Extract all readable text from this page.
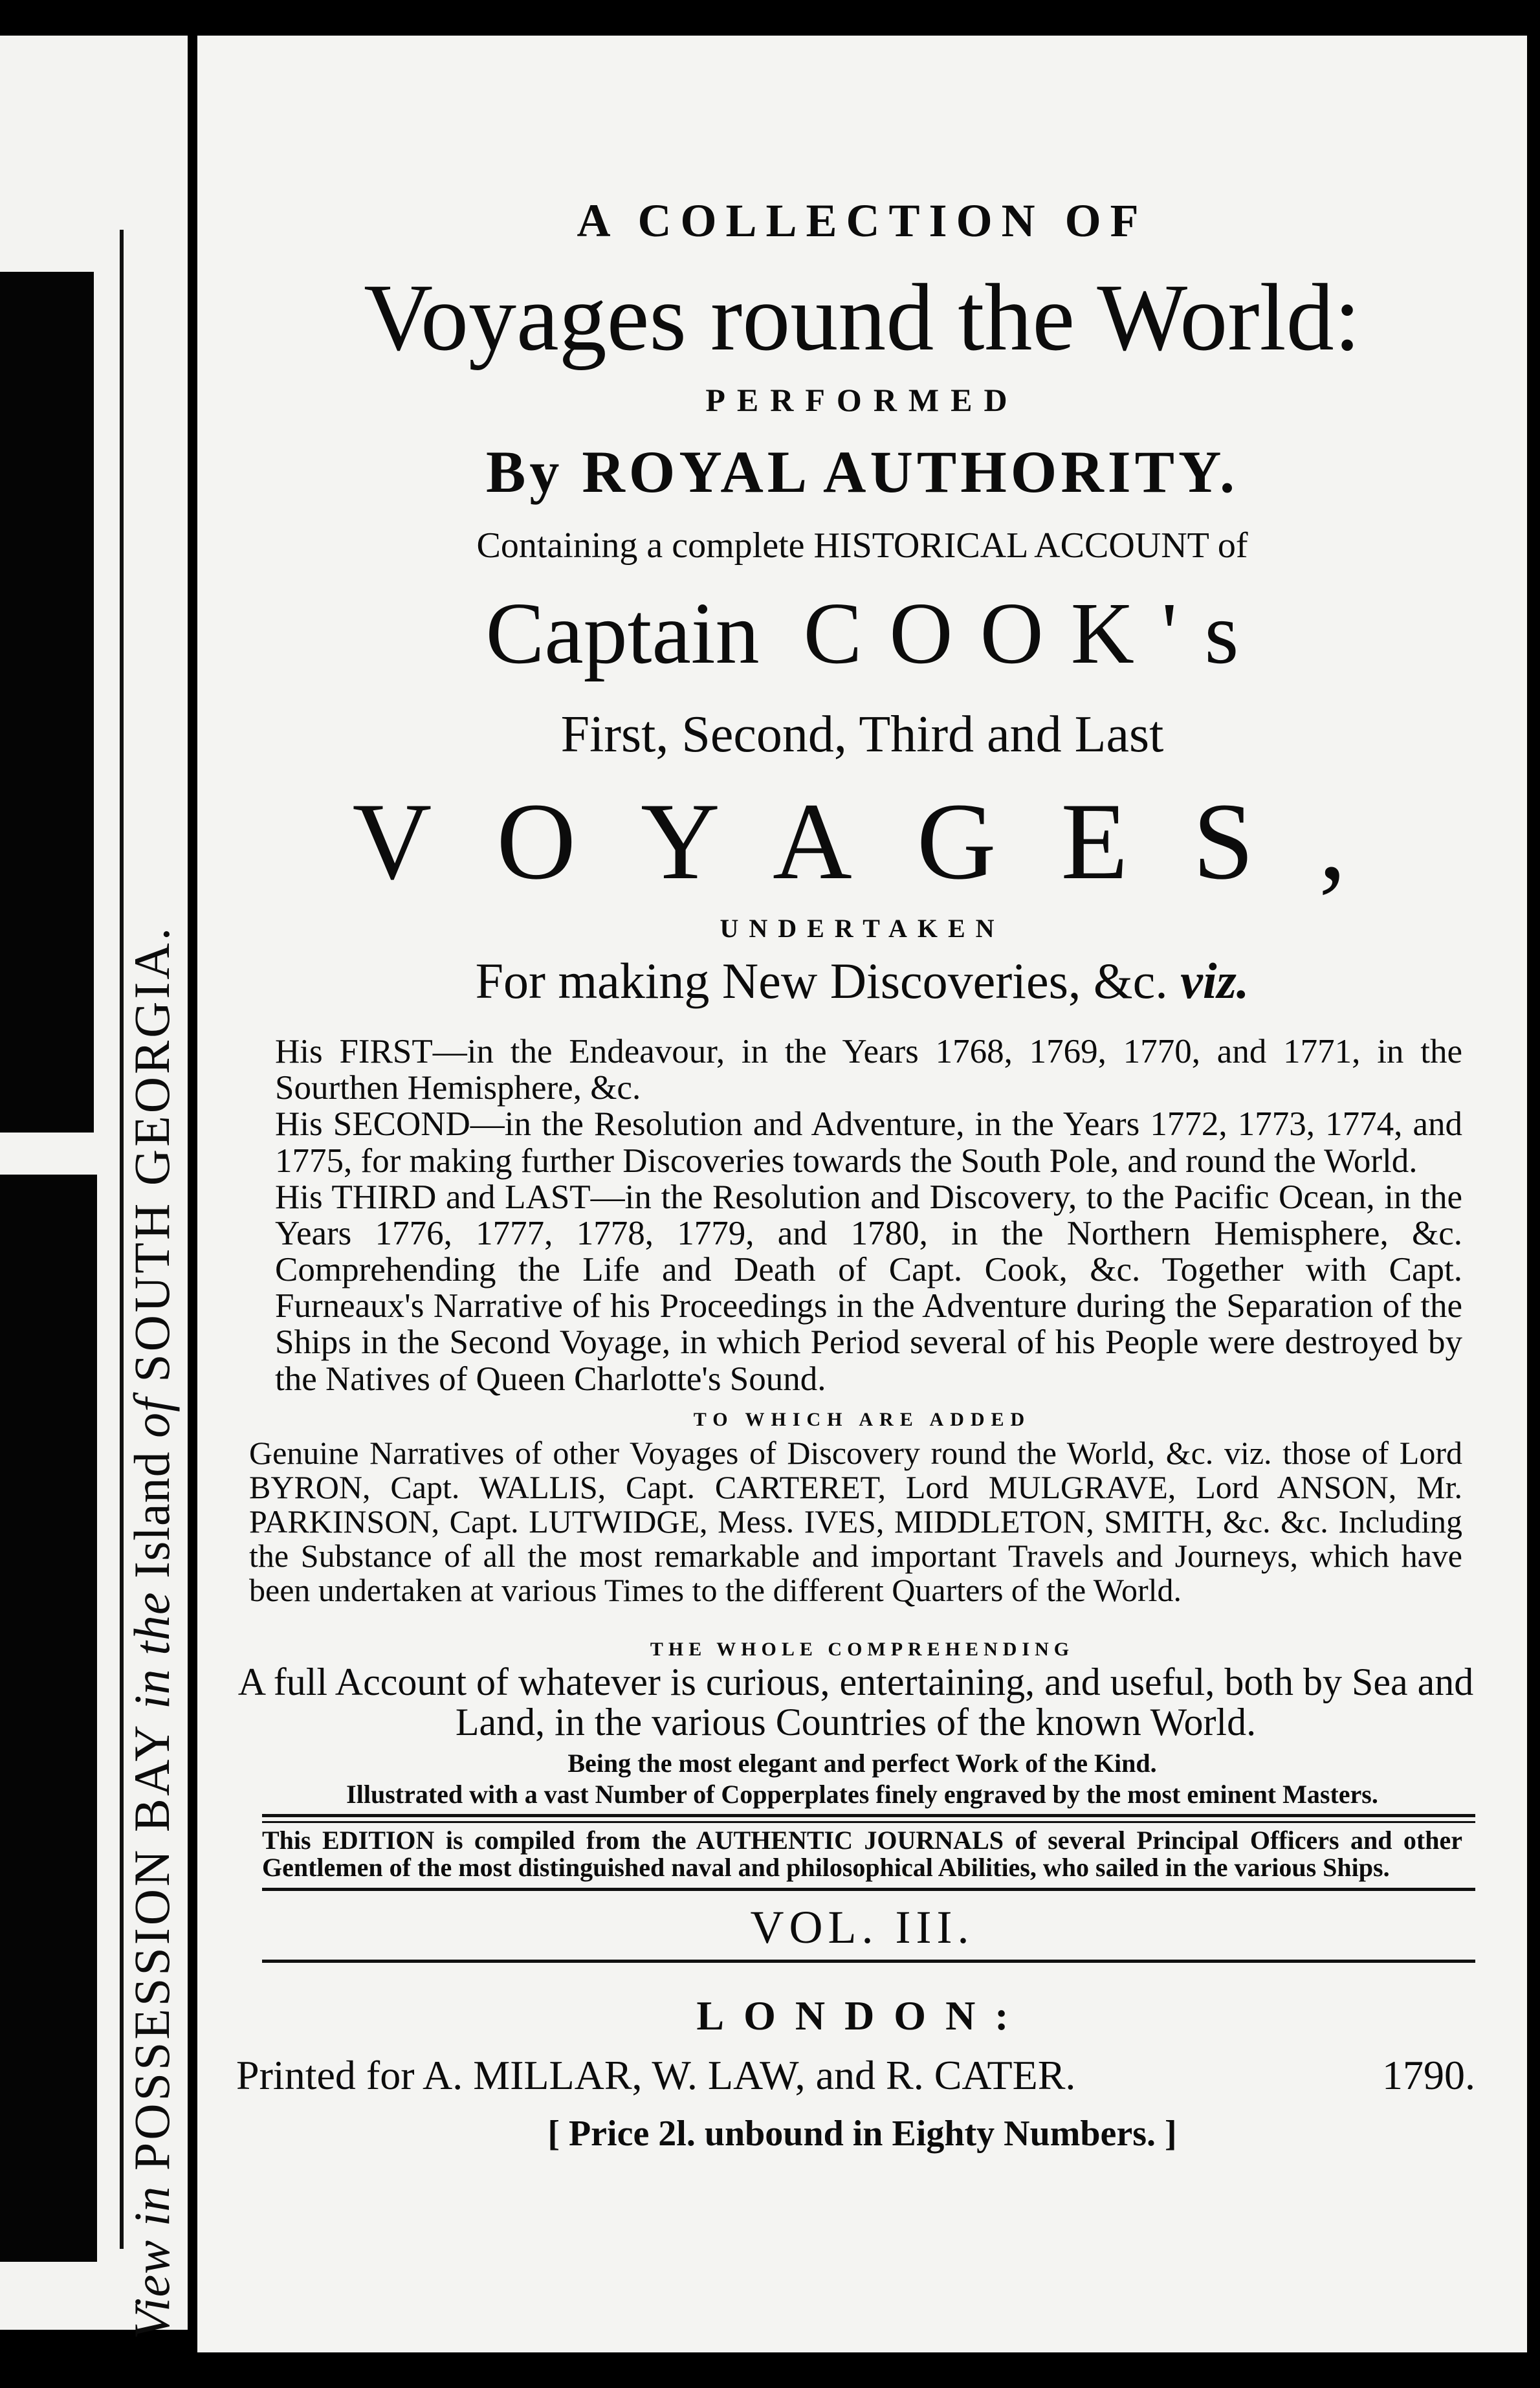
View in POSSESSION BAY in the Island of SOUTH GEORGIA.
A COLLECTION OF
Voyages round the World:
PERFORMED
By ROYAL AUTHORITY.
Containing a complete HISTORICAL ACCOUNT of
Captain COOK's
First, Second, Third and Last
VOYAGES,
UNDERTAKEN
For making New Discoveries, &c. viz.

His FIRST—in the Endeavour, in the Years 1768, 1769, 1770, and 1771, in the Sourthen Hemisphere, &c.

His SECOND—in the Resolution and Adventure, in the Years 1772, 1773, 1774, and 1775, for making further Discoveries towards the South Pole, and round the World.

His THIRD and LAST—in the Resolution and Discovery, to the Pacific Ocean, in the Years 1776, 1777, 1778, 1779, and 1780, in the Northern Hemisphere, &c. Comprehending the Life and Death of Capt. Cook, &c. Together with Capt. Furneaux's Narrative of his Proceedings in the Adventure during the Separation of the Ships in the Second Voyage, in which Period several of his People were destroyed by the Natives of Queen Charlotte's Sound.

TO WHICH ARE ADDED

Genuine Narratives of other Voyages of Discovery round the World, &c. viz. those of Lord BYRON, Capt. WALLIS, Capt. CARTERET, Lord MULGRAVE, Lord ANSON, Mr. PARKINSON, Capt. LUTWIDGE, Mess. IVES, MIDDLETON, SMITH, &c. &c. Including the Substance of all the most remarkable and important Travels and Journeys, which have been undertaken at various Times to the different Quarters of the World.

THE WHOLE COMPREHENDING

A full Account of whatever is curious, entertaining, and useful, both by Sea and Land, in the various Countries of the known World.

Being the most elegant and perfect Work of the Kind.
Illustrated with a vast Number of Copperplates finely engraved by the most eminent Masters.

This EDITION is compiled from the AUTHENTIC JOURNALS of several Principal Officers and other Gentlemen of the most distinguished naval and philosophical Abilities, who sailed in the various Ships.

VOL. III.
LONDON:
Printed for A. MILLAR, W. LAW, and R. CATER.	1790.
[ Price 2l. unbound in Eighty Numbers. ]
